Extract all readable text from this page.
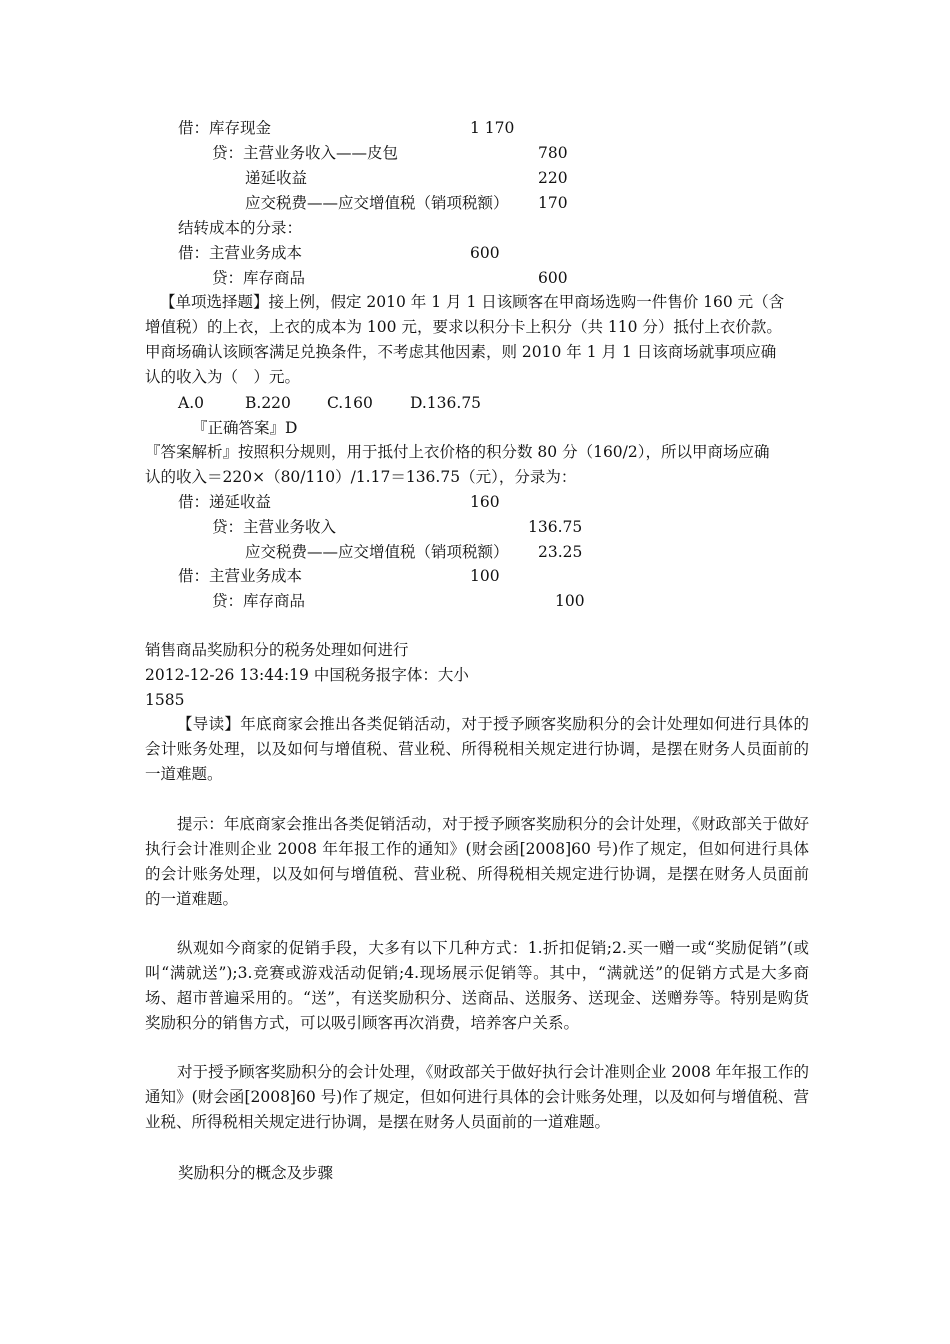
借：库存现金	1 170
贷：主营业务收入——皮包	780
递延收益	220
应交税费——应交增值税（销项税额） 170
结转成本的分录：
借：主营业务成本	600
贷：库存商品	600
【单项选择题】接上例，假定 2010 年 1 月 1 日该顾客在甲商场选购一件售价 160 元（含
增值税）的上衣，上衣的成本为 100 元，要求以积分卡上积分（共 110 分）抵付上衣价款。
甲商场确认该顾客满足兑换条件，不考虑其他因素，则 2010 年 1 月 1 日该商场就事项应确
认的收入为（　）元。
A.0	B.220 C.160 D.136.75
『正确答案』D
『答案解析』按照积分规则，用于抵付上衣价格的积分数 80 分（160/2），所以甲商场应确
认的收入＝220×（80/110）/1.17＝136.75（元），分录为：
借：递延收益	160
贷：主营业务收入	136.75
应交税费——应交增值税（销项税额） 23.25
借：主营业务成本	100
贷：库存商品	100
销售商品奖励积分的税务处理如何进行
2012-12-26 13:44:19 中国税务报字体：大小
1585

【导读】年底商家会推出各类促销活动，对于授予顾客奖励积分的会计处理如何进行具体的会计账务处理，以及如何与增值税、营业税、所得税相关规定进行协调，是摆在财务人员面前的一道难题。

提示：年底商家会推出各类促销活动，对于授予顾客奖励积分的会计处理，《财政部关于做好执行会计准则企业 2008 年年报工作的通知》(财会函[2008]60 号)作了规定，但如何进行具体的会计账务处理，以及如何与增值税、营业税、所得税相关规定进行协调，是摆在财务人员面前的一道难题。

纵观如今商家的促销手段，大多有以下几种方式：1.折扣促销;2.买一赠一或“奖励促销”(或叫“满就送”);3.竞赛或游戏活动促销;4.现场展示促销等。其中，“满就送”的促销方式是大多商场、超市普遍采用的。“送”，有送奖励积分、送商品、送服务、送现金、送赠券等。特别是购货奖励积分的销售方式，可以吸引顾客再次消费，培养客户关系。

对于授予顾客奖励积分的会计处理，《财政部关于做好执行会计准则企业 2008 年年报工作的通知》(财会函[2008]60 号)作了规定，但如何进行具体的会计账务处理，以及如何与增值税、营业税、所得税相关规定进行协调，是摆在财务人员面前的一道难题。

奖励积分的概念及步骤
